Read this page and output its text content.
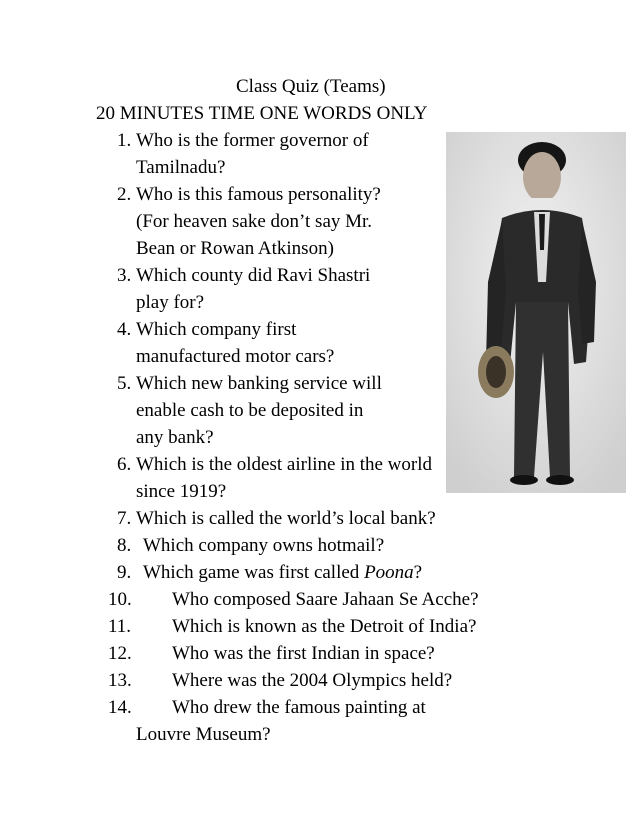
Class Quiz (Teams)
20 MINUTES TIME ONE WORDS ONLY
1. Who is the former governor of
Tamilnadu?
2. Who is this famous personality?
(For heaven sake don’t say Mr.
Bean or Rowan Atkinson)
3. Which county did Ravi Shastri
play for?
4. Which company first
manufactured motor cars?
5. Which new banking service will
enable cash to be deposited in
any bank?
6. Which is the oldest airline in the world
since 1919?
7. Which is called the world’s local bank?
8. Which company owns hotmail?
9. Which game was first called Poona?
10. Who composed Saare Jahaan Se Acche?
11. Which is known as the Detroit of India?
12. Who was the first Indian in space?
13. Where was the 2004 Olympics held?
14. Who drew the famous painting at
Louvre Museum?
